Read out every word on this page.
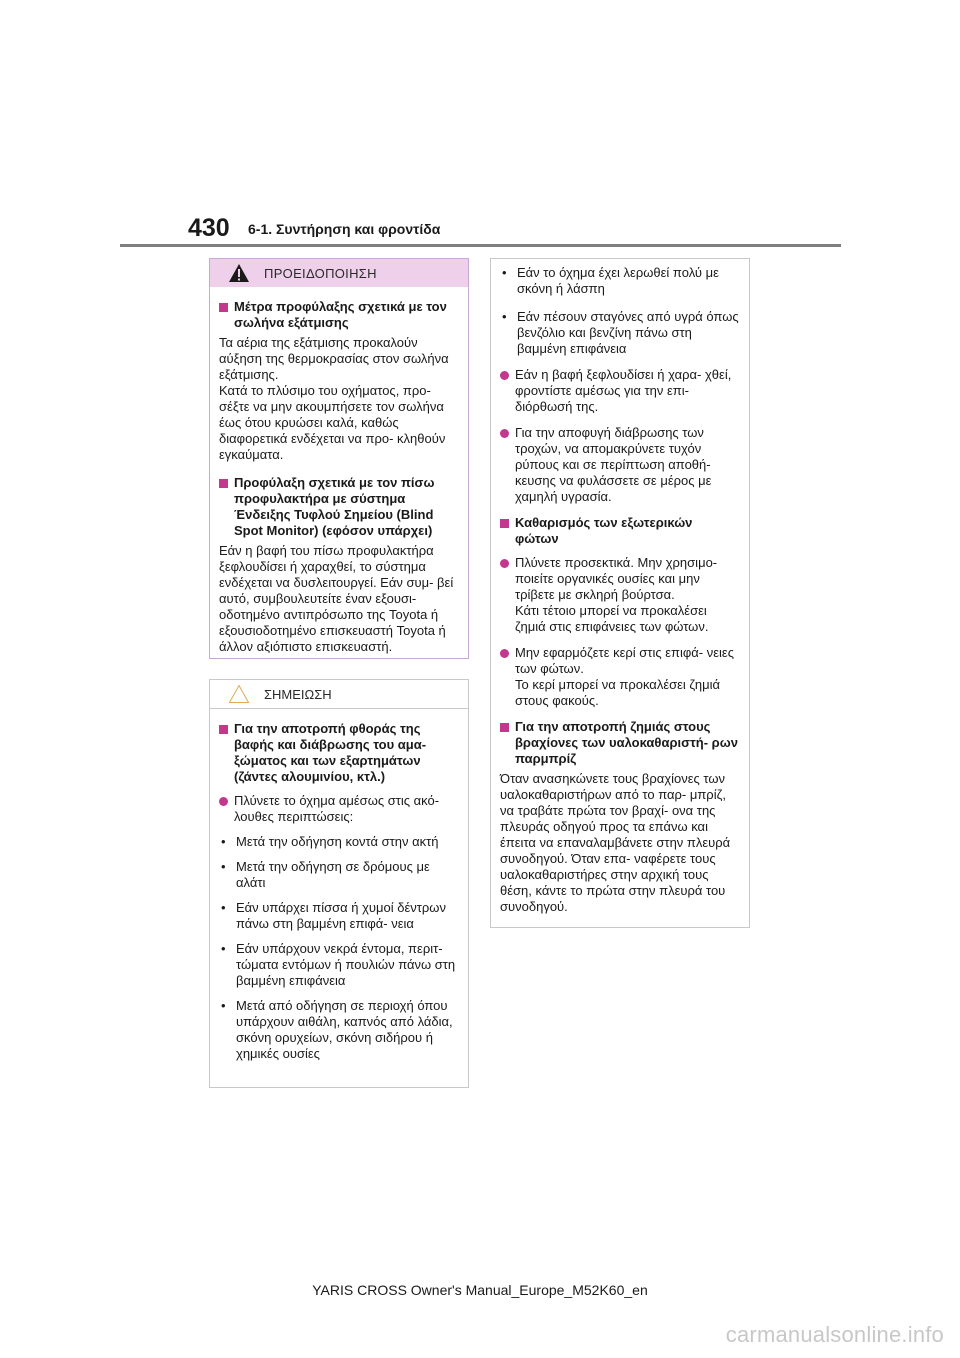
430 6-1. Συντήρηση και φροντίδα
ΠΡΟΕΙΔΟΠΟΙΗΣΗ
Μέτρα προφύλαξης σχετικά με τον σωλήνα εξάτμισης
Τα αέρια της εξάτμισης προκαλούν αύξηση της θερμοκρασίας στον σωλήνα εξάτμισης.
Κατά το πλύσιμο του οχήματος, προ- σέξτε να μην ακουμπήσετε τον σωλήνα έως ότου κρυώσει καλά, καθώς διαφορετικά ενδέχεται να προ- κληθούν εγκαύματα.
Προφύλαξη σχετικά με τον πίσω προφυλακτήρα με σύστημα Ένδειξης Τυφλού Σημείου (Blind Spot Monitor) (εφόσον υπάρχει)
Εάν η βαφή του πίσω προφυλακτήρα ξεφλουδίσει ή χαραχθεί, το σύστημα ενδέχεται να δυσλειτουργεί. Εάν συμ- βεί αυτό, συμβουλευτείτε έναν εξουσι- οδοτημένο αντιπρόσωπο της Toyota ή εξουσιοδοτημένο επισκευαστή Toyota ή άλλον αξιόπιστο επισκευαστή.
ΣΗΜΕΙΩΣΗ
Για την αποτροπή φθοράς της βαφής και διάβρωσης του αμα- ξώματος και των εξαρτημάτων (ζάντες αλουμινίου, κτλ.)
Πλύνετε το όχημα αμέσως στις ακό- λουθες περιπτώσεις:
• Μετά την οδήγηση κοντά στην ακτή
• Μετά την οδήγηση σε δρόμους με αλάτι
• Εάν υπάρχει πίσσα ή χυμοί δέντρων πάνω στη βαμμένη επιφά- νεια
• Εάν υπάρχουν νεκρά έντομα, περιτ- τώματα εντόμων ή πουλιών πάνω στη βαμμένη επιφάνεια
• Μετά από οδήγηση σε περιοχή όπου υπάρχουν αιθάλη, καπνός από λάδια, σκόνη ορυχείων, σκόνη σιδήρου ή χημικές ουσίες
• Εάν το όχημα έχει λερωθεί πολύ με σκόνη ή λάσπη
• Εάν πέσουν σταγόνες από υγρά όπως βενζόλιο και βενζίνη πάνω στη βαμμένη επιφάνεια
Εάν η βαφή ξεφλουδίσει ή χαρα- χθεί, φροντίστε αμέσως για την επι- διόρθωσή της.
Για την αποφυγή διάβρωσης των τροχών, να απομακρύνετε τυχόν ρύπους και σε περίπτωση αποθή- κευσης να φυλάσσετε σε μέρος με χαμηλή υγρασία.
Καθαρισμός των εξωτερικών φώτων
Πλύνετε προσεκτικά. Μην χρησιμο- ποιείτε οργανικές ουσίες και μην τρίβετε με σκληρή βούρτσα.
Κάτι τέτοιο μπορεί να προκαλέσει ζημιά στις επιφάνειες των φώτων.
Μην εφαρμόζετε κερί στις επιφά- νειες των φώτων.
Το κερί μπορεί να προκαλέσει ζημιά στους φακούς.
Για την αποτροπή ζημιάς στους βραχίονες των υαλοκαθαριστή- ρων παρμπρίζ
Όταν ανασηκώνετε τους βραχίονες των υαλοκαθαριστήρων από το παρ- μπρίζ, να τραβάτε πρώτα τον βραχί- ονα της πλευράς οδηγού προς τα επάνω και έπειτα να επαναλαμβάνετε στην πλευρά συνοδηγού. Όταν επα- ναφέρετε τους υαλοκαθαριστήρες στην αρχική τους θέση, κάντε το πρώτα στην πλευρά του συνοδηγού.
YARIS CROSS Owner's Manual_Europe_M52K60_en
carmanualsonline.info
